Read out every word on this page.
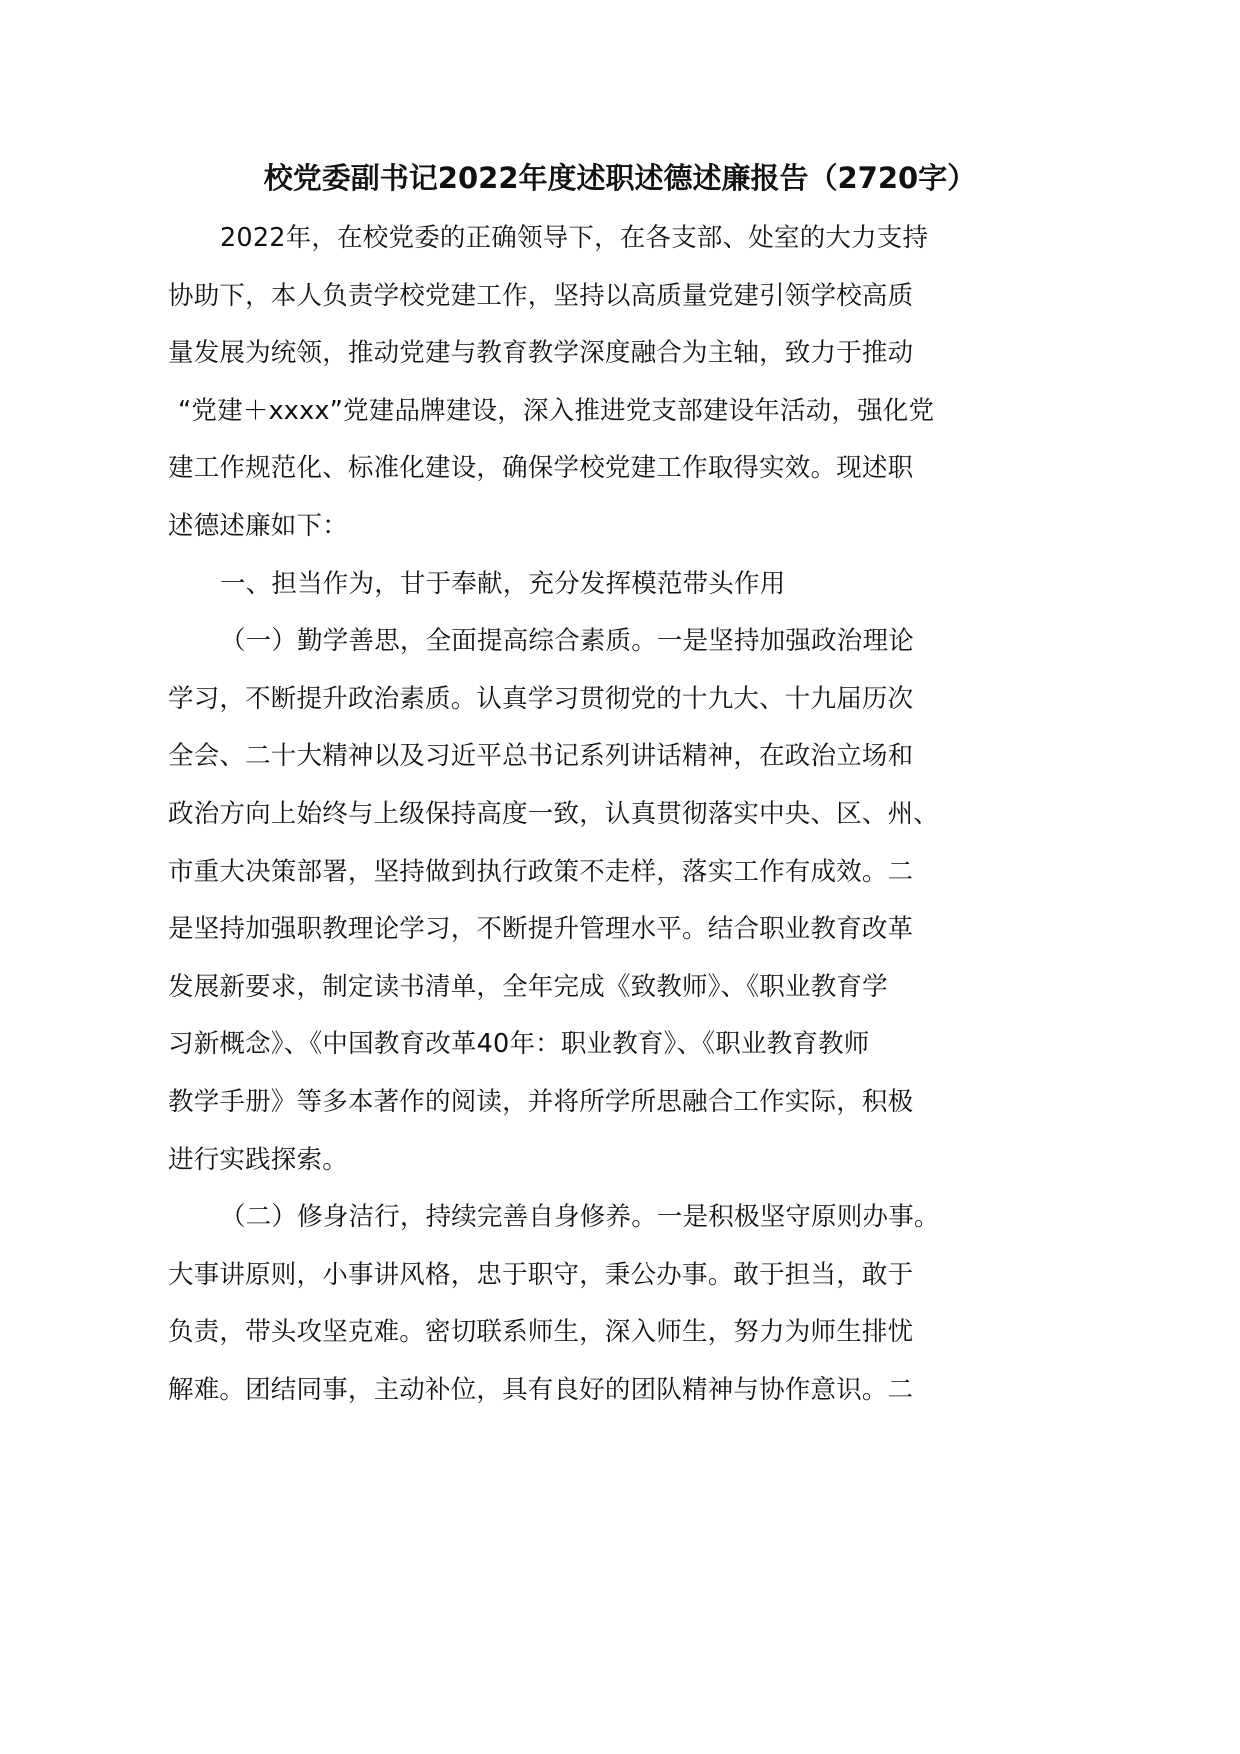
校党委副书记2022年度述职述德述廉报告（2720字）
2022年，在校党委的正确领导下，在各支部、处室的大力支持
协助下，本人负责学校党建工作，坚持以高质量党建引领学校高质
量发展为统领，推动党建与教育教学深度融合为主轴，致力于推动
“党建＋xxxx”党建品牌建设，深入推进党支部建设年活动，强化党
建工作规范化、标准化建设，确保学校党建工作取得实效。现述职
述德述廉如下：
一、担当作为，甘于奉献，充分发挥模范带头作用
（一）勤学善思，全面提高综合素质。一是坚持加强政治理论
学习，不断提升政治素质。认真学习贯彻党的十九大、十九届历次
全会、二十大精神以及习近平总书记系列讲话精神，在政治立场和
政治方向上始终与上级保持高度一致，认真贯彻落实中央、区、州、
市重大决策部署，坚持做到执行政策不走样，落实工作有成效。二
是坚持加强职教理论学习，不断提升管理水平。结合职业教育改革
发展新要求，制定读书清单，全年完成《致教师》、《职业教育学
习新概念》、《中国教育改革40年：职业教育》、《职业教育教师
教学手册》等多本著作的阅读，并将所学所思融合工作实际，积极
进行实践探索。
（二）修身洁行，持续完善自身修养。一是积极坚守原则办事。
大事讲原则，小事讲风格，忠于职守，秉公办事。敢于担当，敢于
负责，带头攻坚克难。密切联系师生，深入师生，努力为师生排忧
解难。团结同事，主动补位，具有良好的团队精神与协作意识。二
